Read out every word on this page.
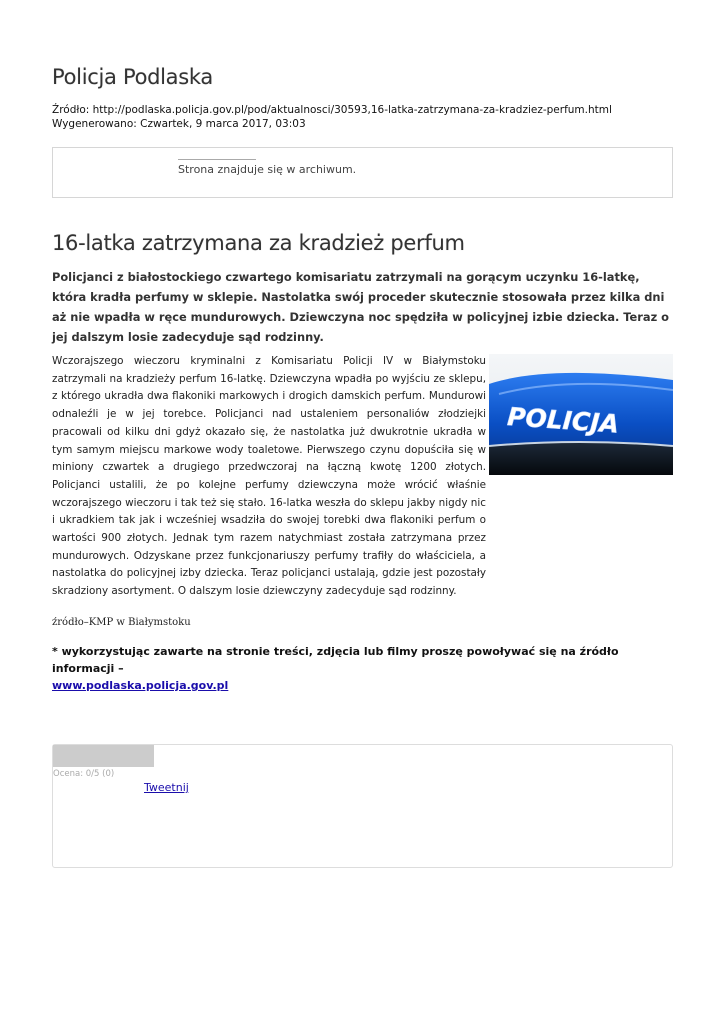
Policja Podlaska
Źródło: http://podlaska.policja.gov.pl/pod/aktualnosci/30593,16-latka-zatrzymana-za-kradziez-perfum.html
Wygenerowano: Czwartek, 9 marca 2017, 03:03
Strona znajduje się w archiwum.
16-latka zatrzymana za kradzież perfum
Policjanci z białostockiego czwartego komisariatu zatrzymali na gorącym uczynku 16-latkę, która kradła perfumy w sklepie. Nastolatka swój proceder skutecznie stosowała przez kilka dni aż nie wpadła w ręce mundurowych. Dziewczyna noc spędziła w policyjnej izbie dziecka. Teraz o jej dalszym losie zadecyduje sąd rodzinny.
POLICJA
Wczorajszego wieczoru kryminalni z Komisariatu Policji IV w Białymstoku zatrzymali na kradzieży perfum 16-latkę. Dziewczyna wpadła po wyjściu ze sklepu, z którego ukradła dwa flakoniki markowych i drogich damskich perfum. Mundurowi odnaleźli je w jej torebce. Policjanci nad ustaleniem personaliów złodziejki pracowali od kilku dni gdyż okazało się, że nastolatka już dwukrotnie ukradła w tym samym miejscu markowe wody toaletowe. Pierwszego czynu dopuściła się w miniony czwartek a drugiego przedwczoraj na łączną kwotę 1200 złotych. Policjanci ustalili, że po kolejne perfumy dziewczyna może wrócić właśnie wczorajszego wieczoru i tak też się stało. 16-latka weszła do sklepu jakby nigdy nic i ukradkiem tak jak i wcześniej wsadziła do swojej torebki dwa flakoniki perfum o wartości 900 złotych. Jednak tym razem natychmiast została zatrzymana przez mundurowych. Odzyskane przez funkcjonariuszy perfumy trafiły do właściciela, a nastolatka do policyjnej izby dziecka. Teraz policjanci ustalają, gdzie jest pozostały skradziony asortyment. O dalszym losie dziewczyny zadecyduje sąd rodzinny.
źródło–KMP w Białymstoku
* wykorzystując zawarte na stronie treści, zdjęcia lub filmy proszę powoływać się na źródło informacji –
www.podlaska.policja.gov.pl
Ocena: 0/5 (0)
Tweetnij
